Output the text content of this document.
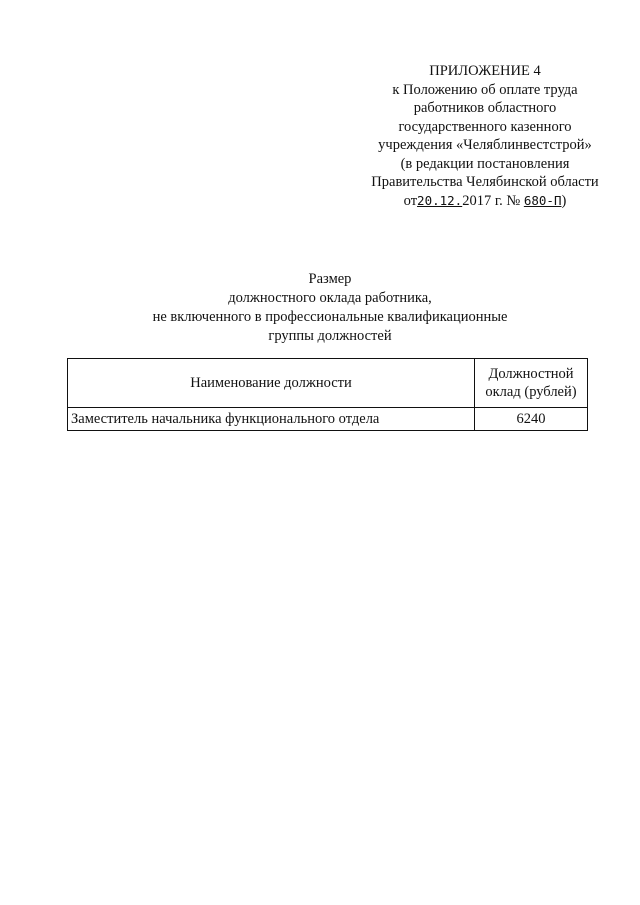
ПРИЛОЖЕНИЕ 4
к Положению об оплате труда
работников областного
государственного казенного
учреждения «Челяблинвестстрой»
(в редакции постановления
Правительства Челябинской области
от20.12.2017 г. № 680-П)
Размер
должностного оклада работника,
не включенного в профессиональные квалификационные
группы должностей
Наименование должности	Должностной
оклад (рублей)
Заместитель начальника функционального отдела	6240
